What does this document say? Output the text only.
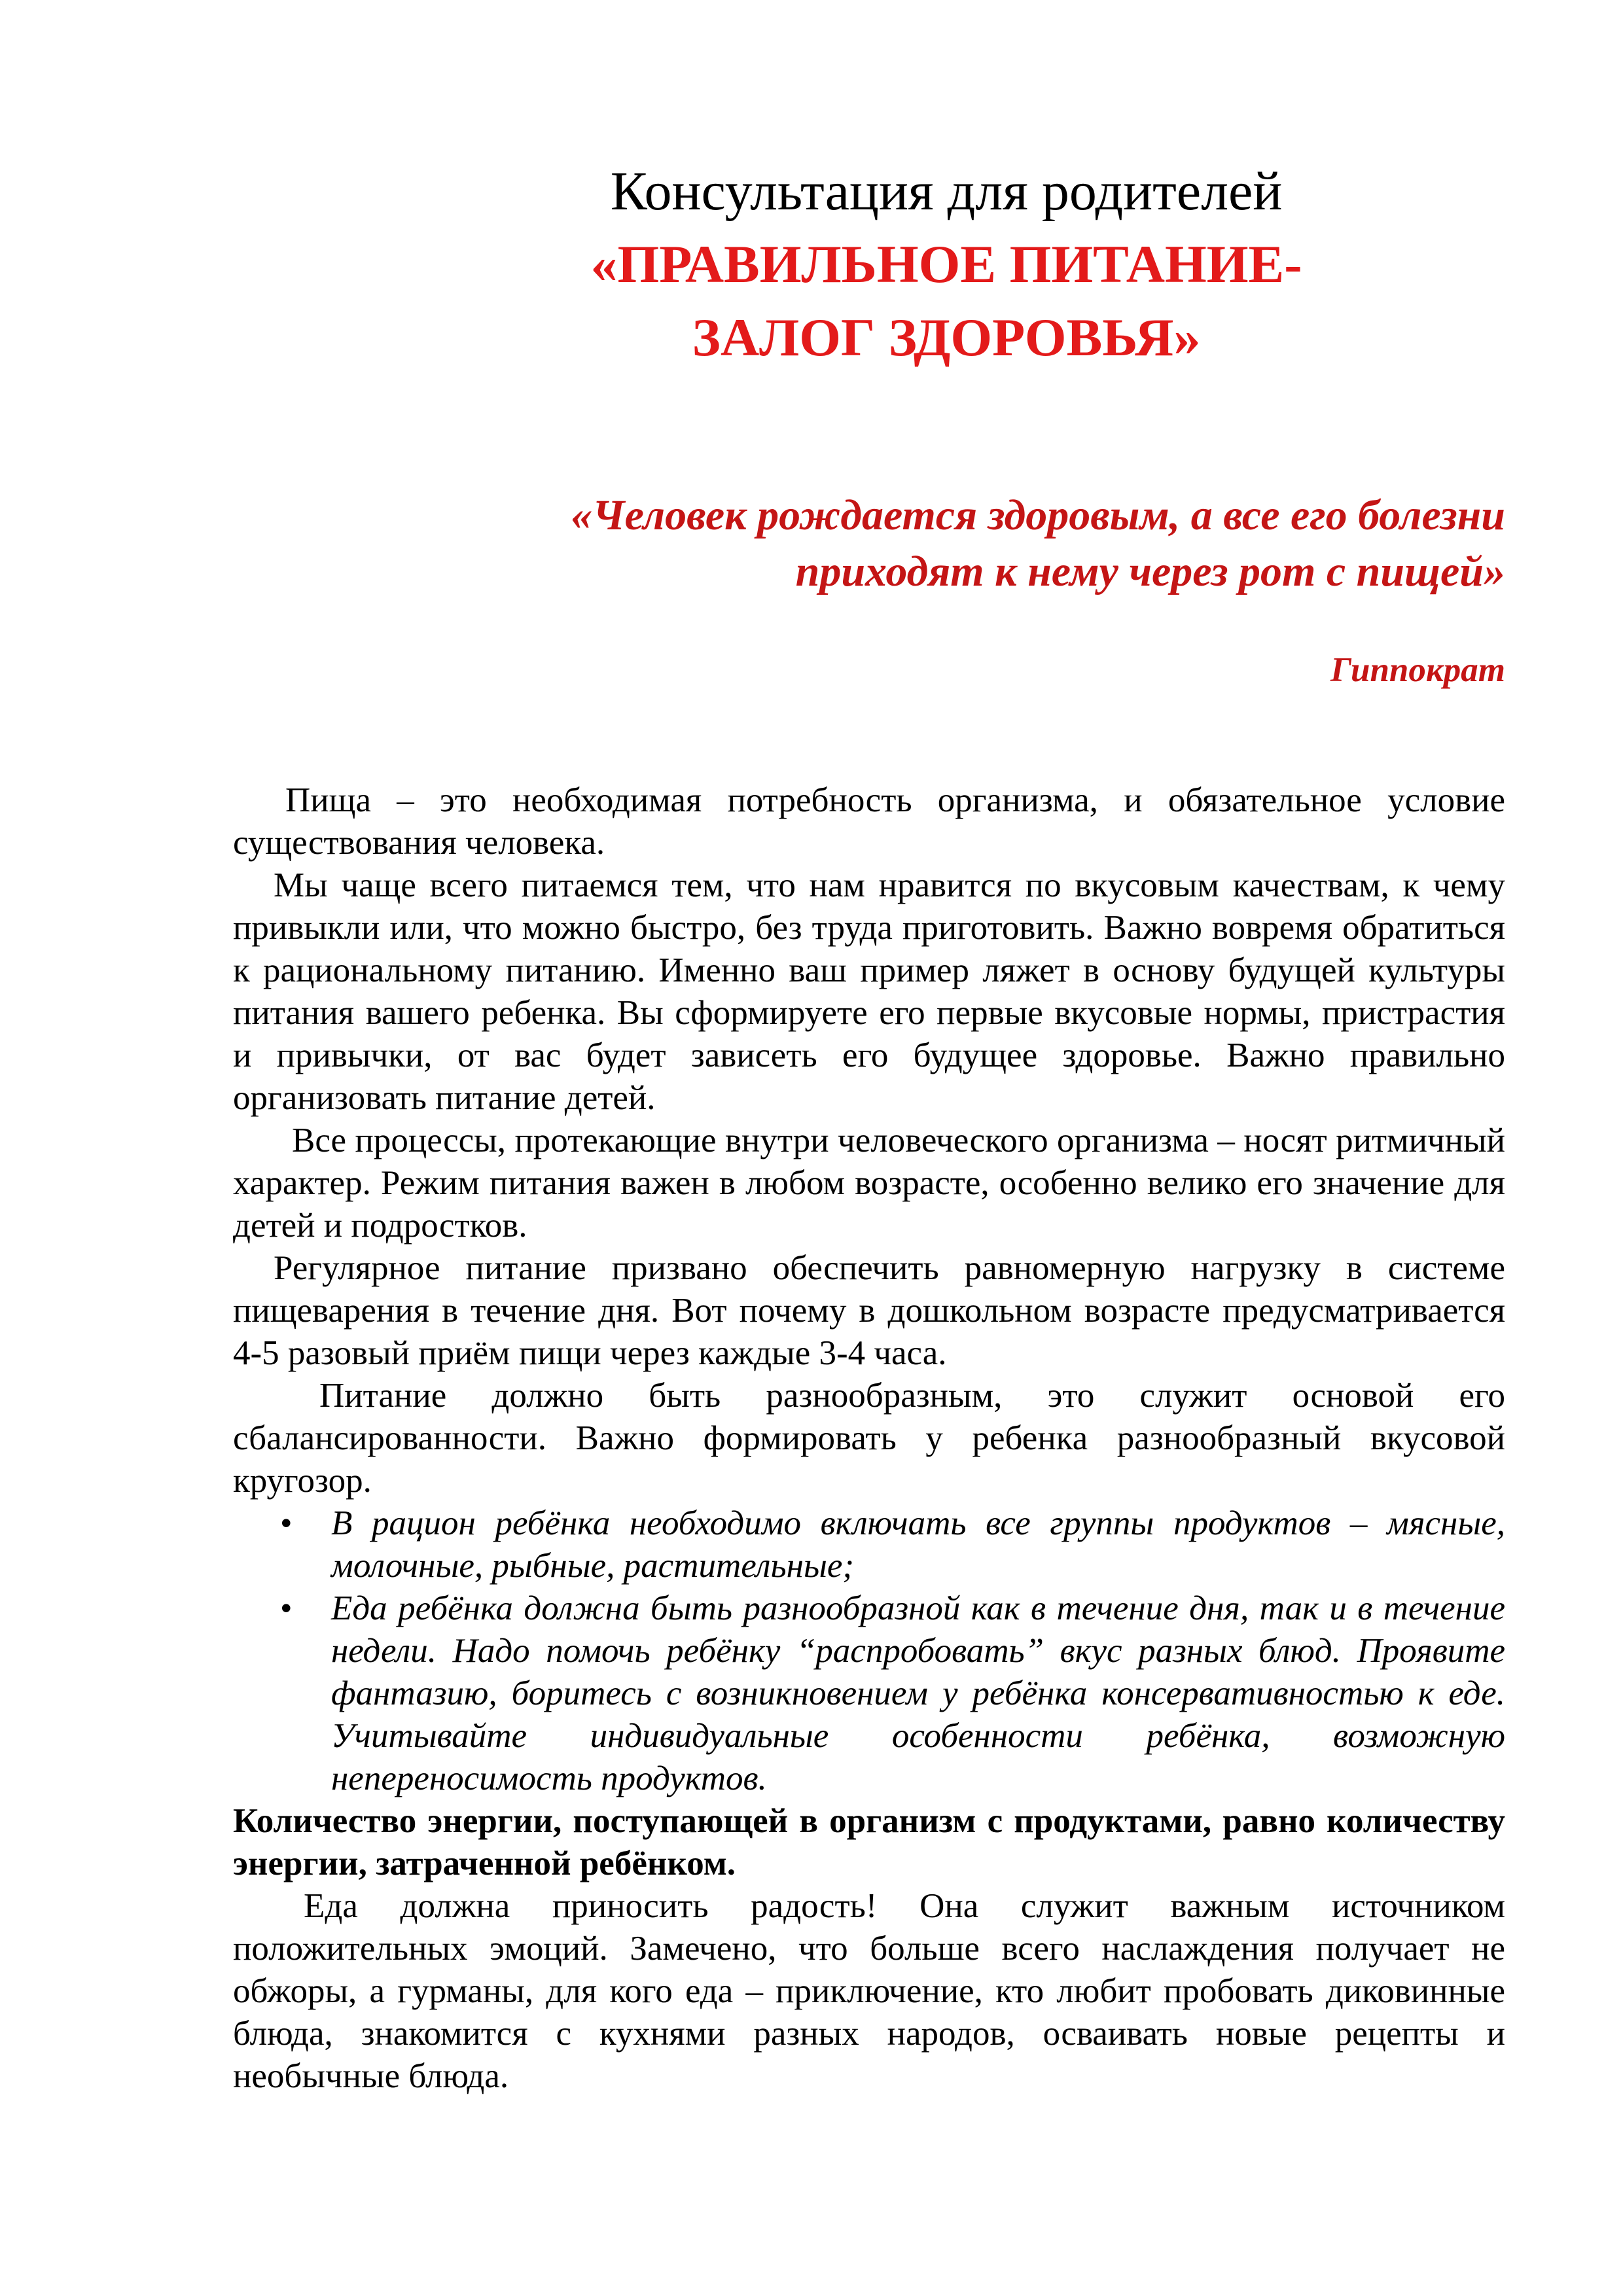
Консультация для родителей
«ПРАВИЛЬНОЕ ПИТАНИЕ-
ЗАЛОГ ЗДОРОВЬЯ»
«Человек рождается здоровым, а все его болезни
приходят к нему через рот с пищей»
Гиппократ

Пища – это необходимая потребность организма, и обязательное условие существования человека.

Мы чаще всего питаемся тем, что нам нравится по вкусовым качествам, к чему привыкли или, что можно быстро, без труда приготовить. Важно вовремя обратиться к рациональному питанию. Именно ваш пример ляжет в основу будущей культуры питания вашего ребенка. Вы сформируете его первые вкусовые нормы, пристрастия и привычки, от вас будет зависеть его будущее здоровье. Важно правильно организовать питание детей.

Все процессы, протекающие внутри человеческого организма – носят ритмичный характер. Режим питания важен в любом возрасте, особенно велико его значение для детей и подростков.

Регулярное питание призвано обеспечить равномерную нагрузку в системе пищеварения в течение дня. Вот почему в дошкольном возрасте предусматривается 4-5 разовый приём пищи через каждые 3-4 часа.

Питание должно быть разнообразным, это служит основой его сбалансированности. Важно формировать у ребенка разнообразный вкусовой кругозор.

• В рацион ребёнка необходимо включать все группы продуктов – мясные, молочные, рыбные, растительные;
• Еда ребёнка должна быть разнообразной как в течение дня, так и в течение недели. Надо помочь ребёнку “распробовать” вкус разных блюд. Проявите фантазию, боритесь с возникновением у ребёнка консервативностью к еде. Учитывайте индивидуальные особенности ребёнка, возможную непереносимость продуктов.

Количество энергии, поступающей в организм с продуктами, равно количеству энергии, затраченной ребёнком.

Еда должна приносить радость! Она служит важным источником положительных эмоций. Замечено, что больше всего наслаждения получает не обжоры, а гурманы, для кого еда – приключение, кто любит пробовать диковинные блюда, знакомится с кухнями разных народов, осваивать новые рецепты и необычные блюда.
